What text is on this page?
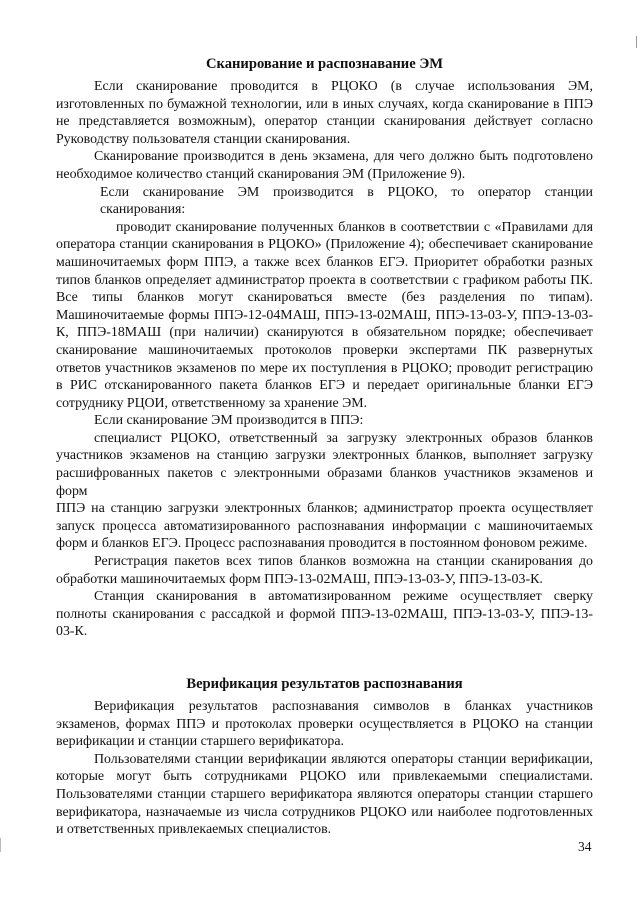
Сканирование и распознавание ЭМ

Если сканирование проводится в РЦОКО (в случае использования ЭМ, изготовленных по бумажной технологии, или в иных случаях, когда сканирование в ППЭ не представляется возможным), оператор станции сканирования действует согласно Руководству пользователя станции сканирования.

Сканирование производится в день экзамена, для чего должно быть подготовлено необходимое количество станций сканирования ЭМ (Приложение 9).

Если сканирование ЭМ производится в РЦОКО, то оператор станции сканирования:

проводит сканирование полученных бланков в соответствии с «Правилами для оператора станции сканирования в РЦОКО» (Приложение 4); обеспечивает сканирование машиночитаемых форм ППЭ, а также всех бланков ЕГЭ. Приоритет обработки разных типов бланков определяет администратор проекта в соответствии с графиком работы ПК. Все типы бланков могут сканироваться вместе (без разделения по типам). Машиночитаемые формы ППЭ-12-04МАШ, ППЭ-13-02МАШ, ППЭ-13-03-У, ППЭ-13-03-К, ППЭ-18МАШ (при наличии) сканируются в обязательном порядке; обеспечивает сканирование машиночитаемых протоколов проверки экспертами ПК развернутых ответов участников экзаменов по мере их поступления в РЦОКО; проводит регистрацию в РИС отсканированного пакета бланков ЕГЭ и передает оригинальные бланки ЕГЭ сотруднику РЦОИ, ответственному за хранение ЭМ.

Если сканирование ЭМ производится в ППЭ:

специалист РЦОКО, ответственный за загрузку электронных образов бланков участников экзаменов на станцию загрузки электронных бланков, выполняет загрузку расшифрованных пакетов с электронными образами бланков участников экзаменов и форм

ППЭ на станцию загрузки электронных бланков; администратор проекта осуществляет запуск процесса автоматизированного распознавания информации с машиночитаемых форм и бланков ЕГЭ. Процесс распознавания проводится в постоянном фоновом режиме.

Регистрация пакетов всех типов бланков возможна на станции сканирования до обработки машиночитаемых форм ППЭ-13-02МАШ, ППЭ-13-03-У, ППЭ-13-03-К.

Станция сканирования в автоматизированном режиме осуществляет сверку полноты сканирования с рассадкой и формой ППЭ-13-02МАШ, ППЭ-13-03-У, ППЭ-13-03-К.

Верификация результатов распознавания

Верификация результатов распознавания символов в бланках участников экзаменов, формах ППЭ и протоколах проверки осуществляется в РЦОКО на станции верификации и станции старшего верификатора.

Пользователями станции верификации являются операторы станции верификации, которые могут быть сотрудниками РЦОКО или привлекаемыми специалистами. Пользователями станции старшего верификатора являются операторы станции старшего верификатора, назначаемые из числа сотрудников РЦОКО или наиболее подготовленных и ответственных привлекаемых специалистов.

34
